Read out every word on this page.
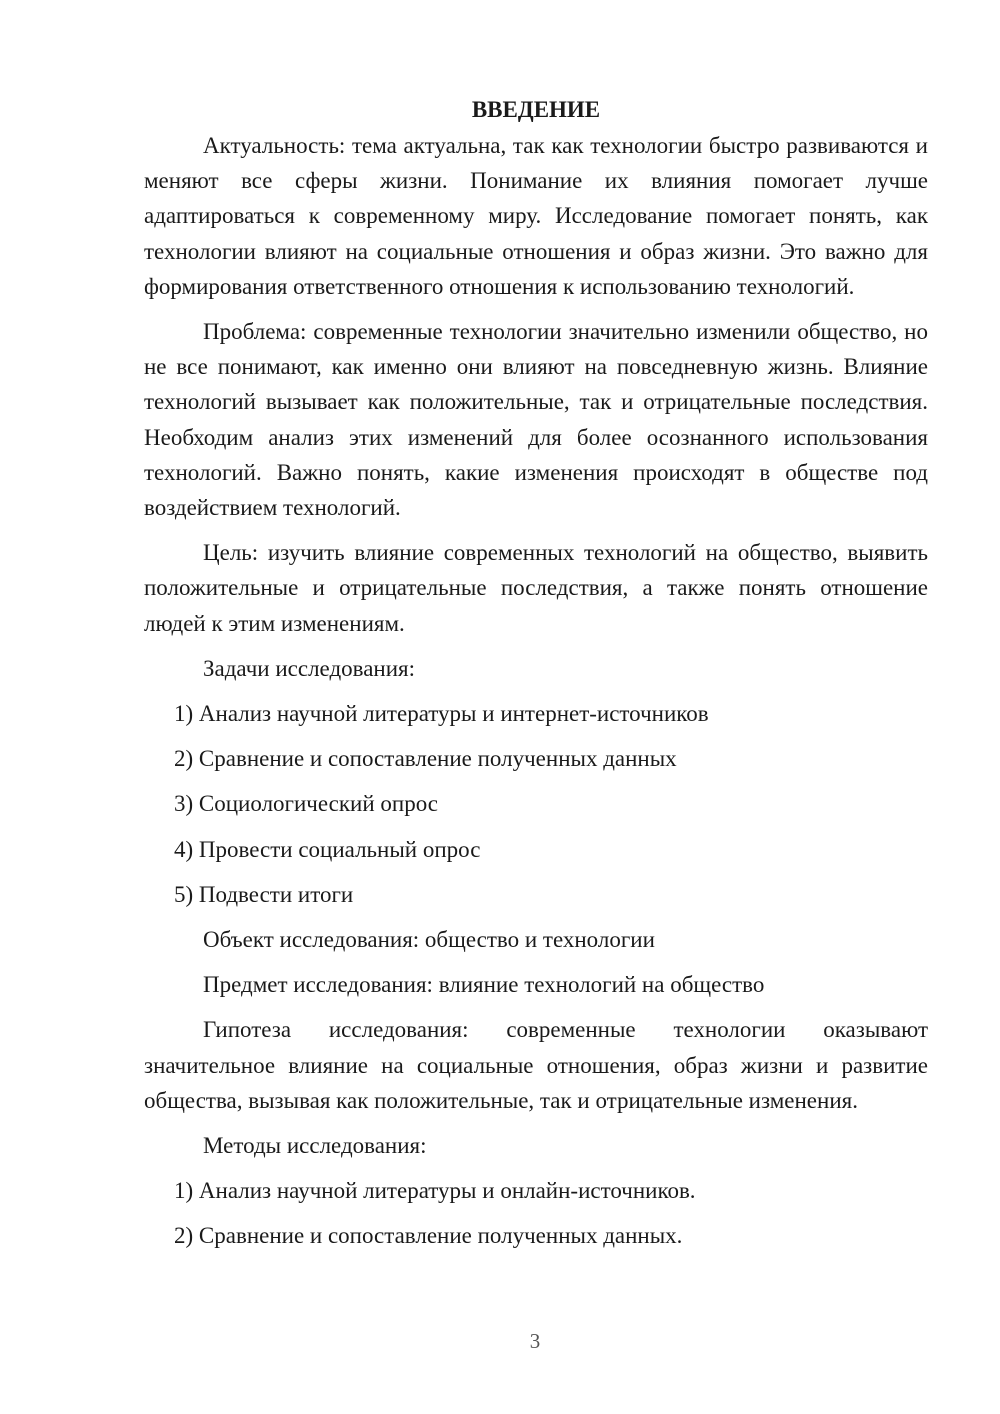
ВВЕДЕНИЕ

Актуальность: тема актуальна, так как технологии быстро развиваются и меняют все сферы жизни. Понимание их влияния помогает лучше адаптироваться к современному миру. Исследование помогает понять, как технологии влияют на социальные отношения и образ жизни. Это важно для формирования ответственного отношения к использованию технологий.

Проблема: современные технологии значительно изменили общество, но не все понимают, как именно они влияют на повседневную жизнь. Влияние технологий вызывает как положительные, так и отрицательные последствия. Необходим анализ этих изменений для более осознанного использования технологий. Важно понять, какие изменения происходят в обществе под воздействием технологий.

Цель: изучить влияние современных технологий на общество, выявить положительные и отрицательные последствия, а также понять отношение людей к этим изменениям.

Задачи исследования:

1) Анализ научной литературы и интернет-источников

2) Сравнение и сопоставление полученных данных

3) Социологический опрос

4) Провести социальный опрос

5) Подвести итоги

Объект исследования: общество и технологии

Предмет исследования: влияние технологий на общество

Гипотеза исследования: современные технологии оказывают значительное влияние на социальные отношения, образ жизни и развитие общества, вызывая как положительные, так и отрицательные изменения.

Методы исследования:

1) Анализ научной литературы и онлайн-источников.

2) Сравнение и сопоставление полученных данных.

3
